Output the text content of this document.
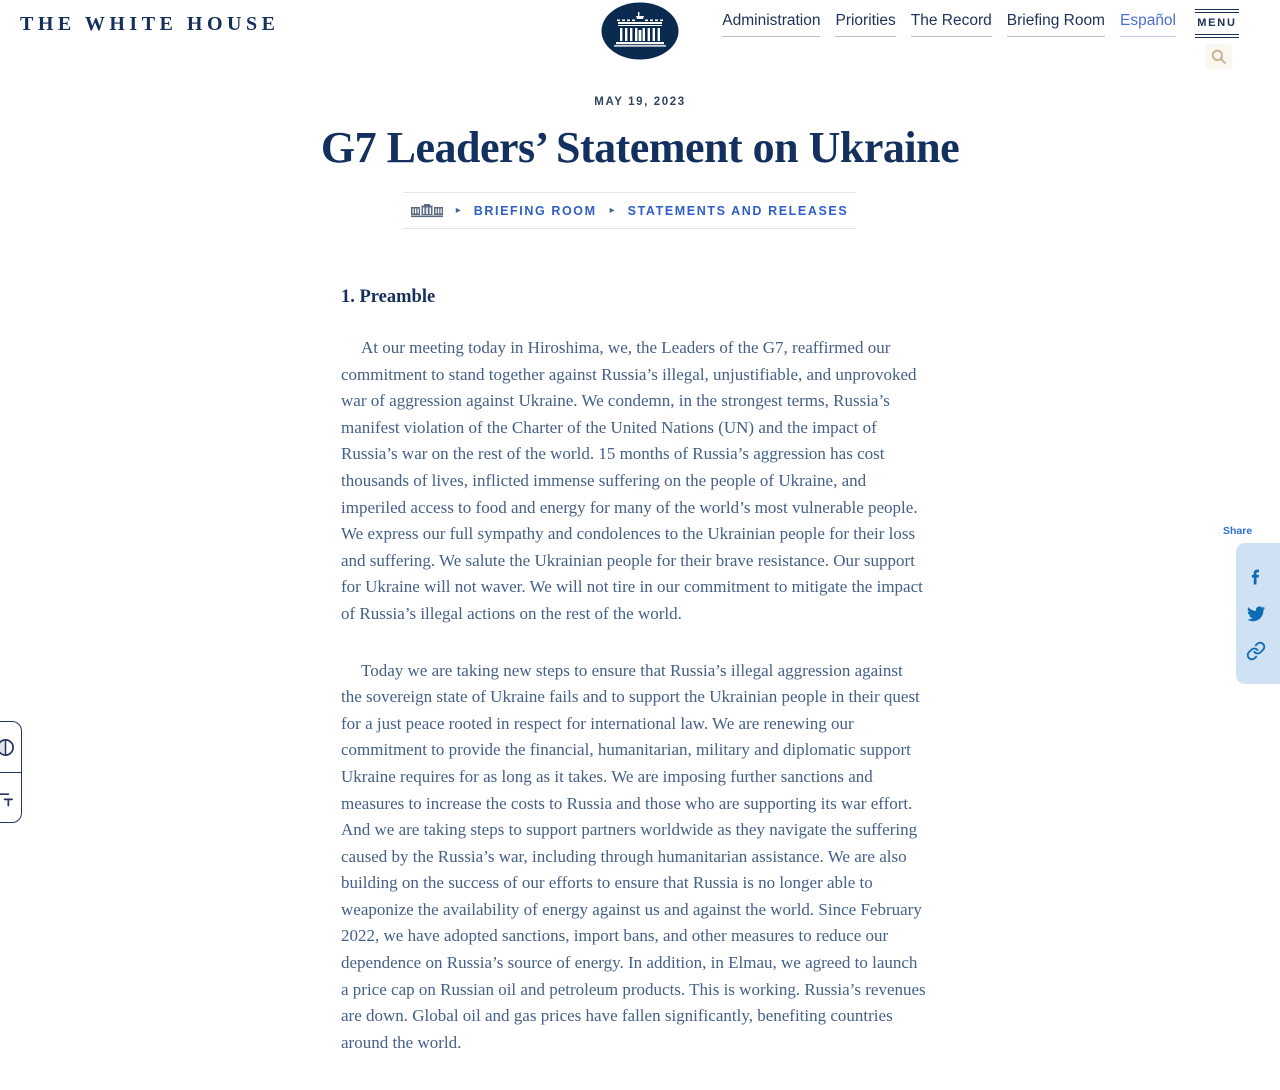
THE WHITE HOUSE	Administration Priorities The Record Briefing Room Español MENU
MAY 19, 2023
G7 Leaders’ Statement on Ukraine
▸ BRIEFING ROOM ▸ STATEMENTS AND RELEASES
1. Preamble

At our meeting today in Hiroshima, we, the Leaders of the G7, reaffirmed our commitment to stand together against Russia’s illegal, unjustifiable, and unprovoked war of aggression against Ukraine. We condemn, in the strongest terms, Russia’s manifest violation of the Charter of the United Nations (UN) and the impact of Russia’s war on the rest of the world. 15 months of Russia’s aggression has cost thousands of lives, inflicted immense suffering on the people of Ukraine, and imperiled access to food and energy for many of the world’s most vulnerable people. We express our full sympathy and condolences to the Ukrainian people for their loss and suffering. We salute the Ukrainian people for their brave resistance. Our support for Ukraine will not waver. We will not tire in our commitment to mitigate the impact of Russia’s illegal actions on the rest of the world.

Today we are taking new steps to ensure that Russia’s illegal aggression against the sovereign state of Ukraine fails and to support the Ukrainian people in their quest for a just peace rooted in respect for international law. We are renewing our commitment to provide the financial, humanitarian, military and diplomatic support Ukraine requires for as long as it takes. We are imposing further sanctions and measures to increase the costs to Russia and those who are supporting its war effort. And we are taking steps to support partners worldwide as they navigate the suffering caused by the Russia’s war, including through humanitarian assistance. We are also building on the success of our efforts to ensure that Russia is no longer able to weaponize the availability of energy against us and against the world. Since February 2022, we have adopted sanctions, import bans, and other measures to reduce our dependence on Russia’s source of energy. In addition, in Elmau, we agreed to launch a price cap on Russian oil and petroleum products. This is working. Russia’s revenues are down. Global oil and gas prices have fallen significantly, benefiting countries around the world.

Share
